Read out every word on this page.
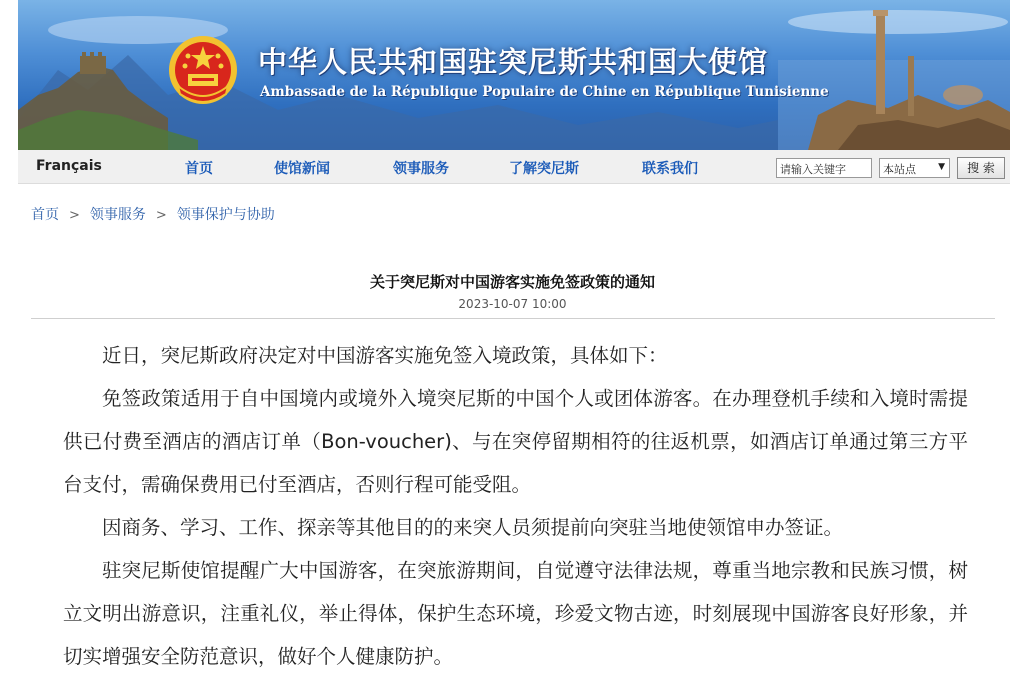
中华人民共和国驻突尼斯共和国大使馆
Ambassade de la République Populaire de Chine en République Tunisienne
Français	首页	使馆新闻	领事服务	了解突尼斯	联系我们	请输入关键字	本站点 ▼	搜 索
首页 > 领事服务 > 领事保护与协助
关于突尼斯对中国游客实施免签政策的通知
2023-10-07 10:00

近日，突尼斯政府决定对中国游客实施免签入境政策，具体如下：

免签政策适用于自中国境内或境外入境突尼斯的中国个人或团体游客。在办理登机手续和入境时需提供已付费至酒店的酒店订单（Bon-voucher)、与在突停留期相符的往返机票，如酒店订单通过第三方平台支付，需确保费用已付至酒店，否则行程可能受阻。

因商务、学习、工作、探亲等其他目的的来突人员须提前向突驻当地使领馆申办签证。

驻突尼斯使馆提醒广大中国游客，在突旅游期间，自觉遵守法律法规，尊重当地宗教和民族习惯，树立文明出游意识，注重礼仪，举止得体，保护生态环境，珍爱文物古迹，时刻展现中国游客良好形象，并切实增强安全防范意识，做好个人健康防护。
